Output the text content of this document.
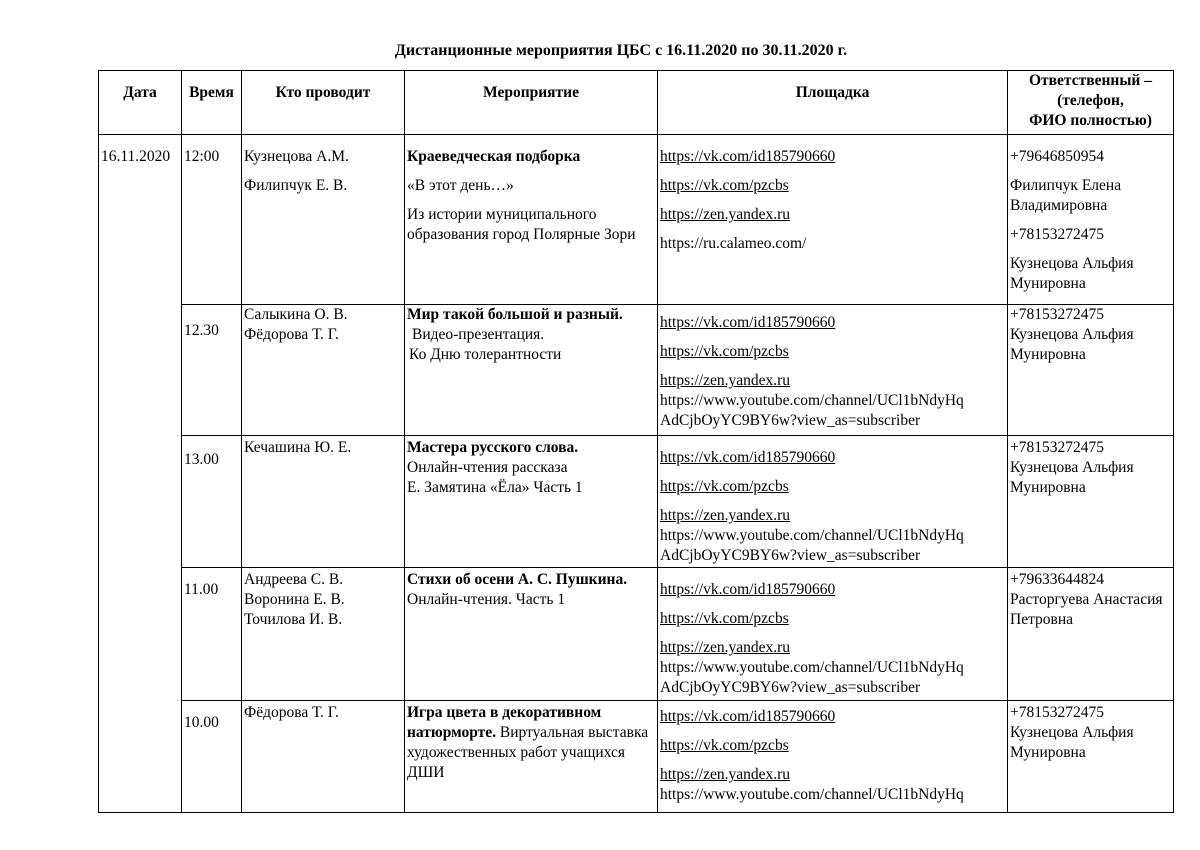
Дистанционные мероприятия ЦБС с 16.11.2020 по 30.11.2020 г.
Дата	Время	Кто проводит	Мероприятие	Площадка	Ответственный –
(телефон,
ФИО полностью)

16.11.2020	12:00	Кузнецова А.М.
Филипчук Е. В.	Краеведческая подборка
«В этот день…»
Из истории муниципального образования город Полярные Зори	https://vk.com/id185790660
https://vk.com/pzcbs
https://zen.yandex.ru
https://ru.calameo.com/	+79646850954
Филипчук Елена Владимировна
+78153272475
Кузнецова Альфия Мунировна

	12.30	Салыкина О. В.
Фёдорова Т. Г.	Мир такой большой и разный.
Видео-презентация.
Ко Дню толерантности	https://vk.com/id185790660
https://vk.com/pzcbs
https://zen.yandex.ru
https://www.youtube.com/channel/UCl1bNdyHq
AdCjbOyYC9BY6w?view_as=subscriber	+78153272475
Кузнецова Альфия Мунировна

	13.00	Кечашина Ю. Е.	Мастера русского слова.
Онлайн-чтения рассказа
Е. Замятина «Ёла» Часть 1	https://vk.com/id185790660
https://vk.com/pzcbs
https://zen.yandex.ru
https://www.youtube.com/channel/UCl1bNdyHq
AdCjbOyYC9BY6w?view_as=subscriber	+78153272475
Кузнецова Альфия Мунировна

	11.00	Андреева С. В.
Воронина Е. В.
Точилова И. В.	Стихи об осени А. С. Пушкина.
Онлайн-чтения. Часть 1	https://vk.com/id185790660
https://vk.com/pzcbs
https://zen.yandex.ru
https://www.youtube.com/channel/UCl1bNdyHq
AdCjbOyYC9BY6w?view_as=subscriber	+79633644824
Расторгуева Анастасия Петровна

	10.00	Фёдорова Т. Г.	Игра цвета в декоративном натюрморте. Виртуальная выставка художественных работ учащихся ДШИ	https://vk.com/id185790660
https://vk.com/pzcbs
https://zen.yandex.ru
https://www.youtube.com/channel/UCl1bNdyHq	+78153272475
Кузнецова Альфия Мунировна
